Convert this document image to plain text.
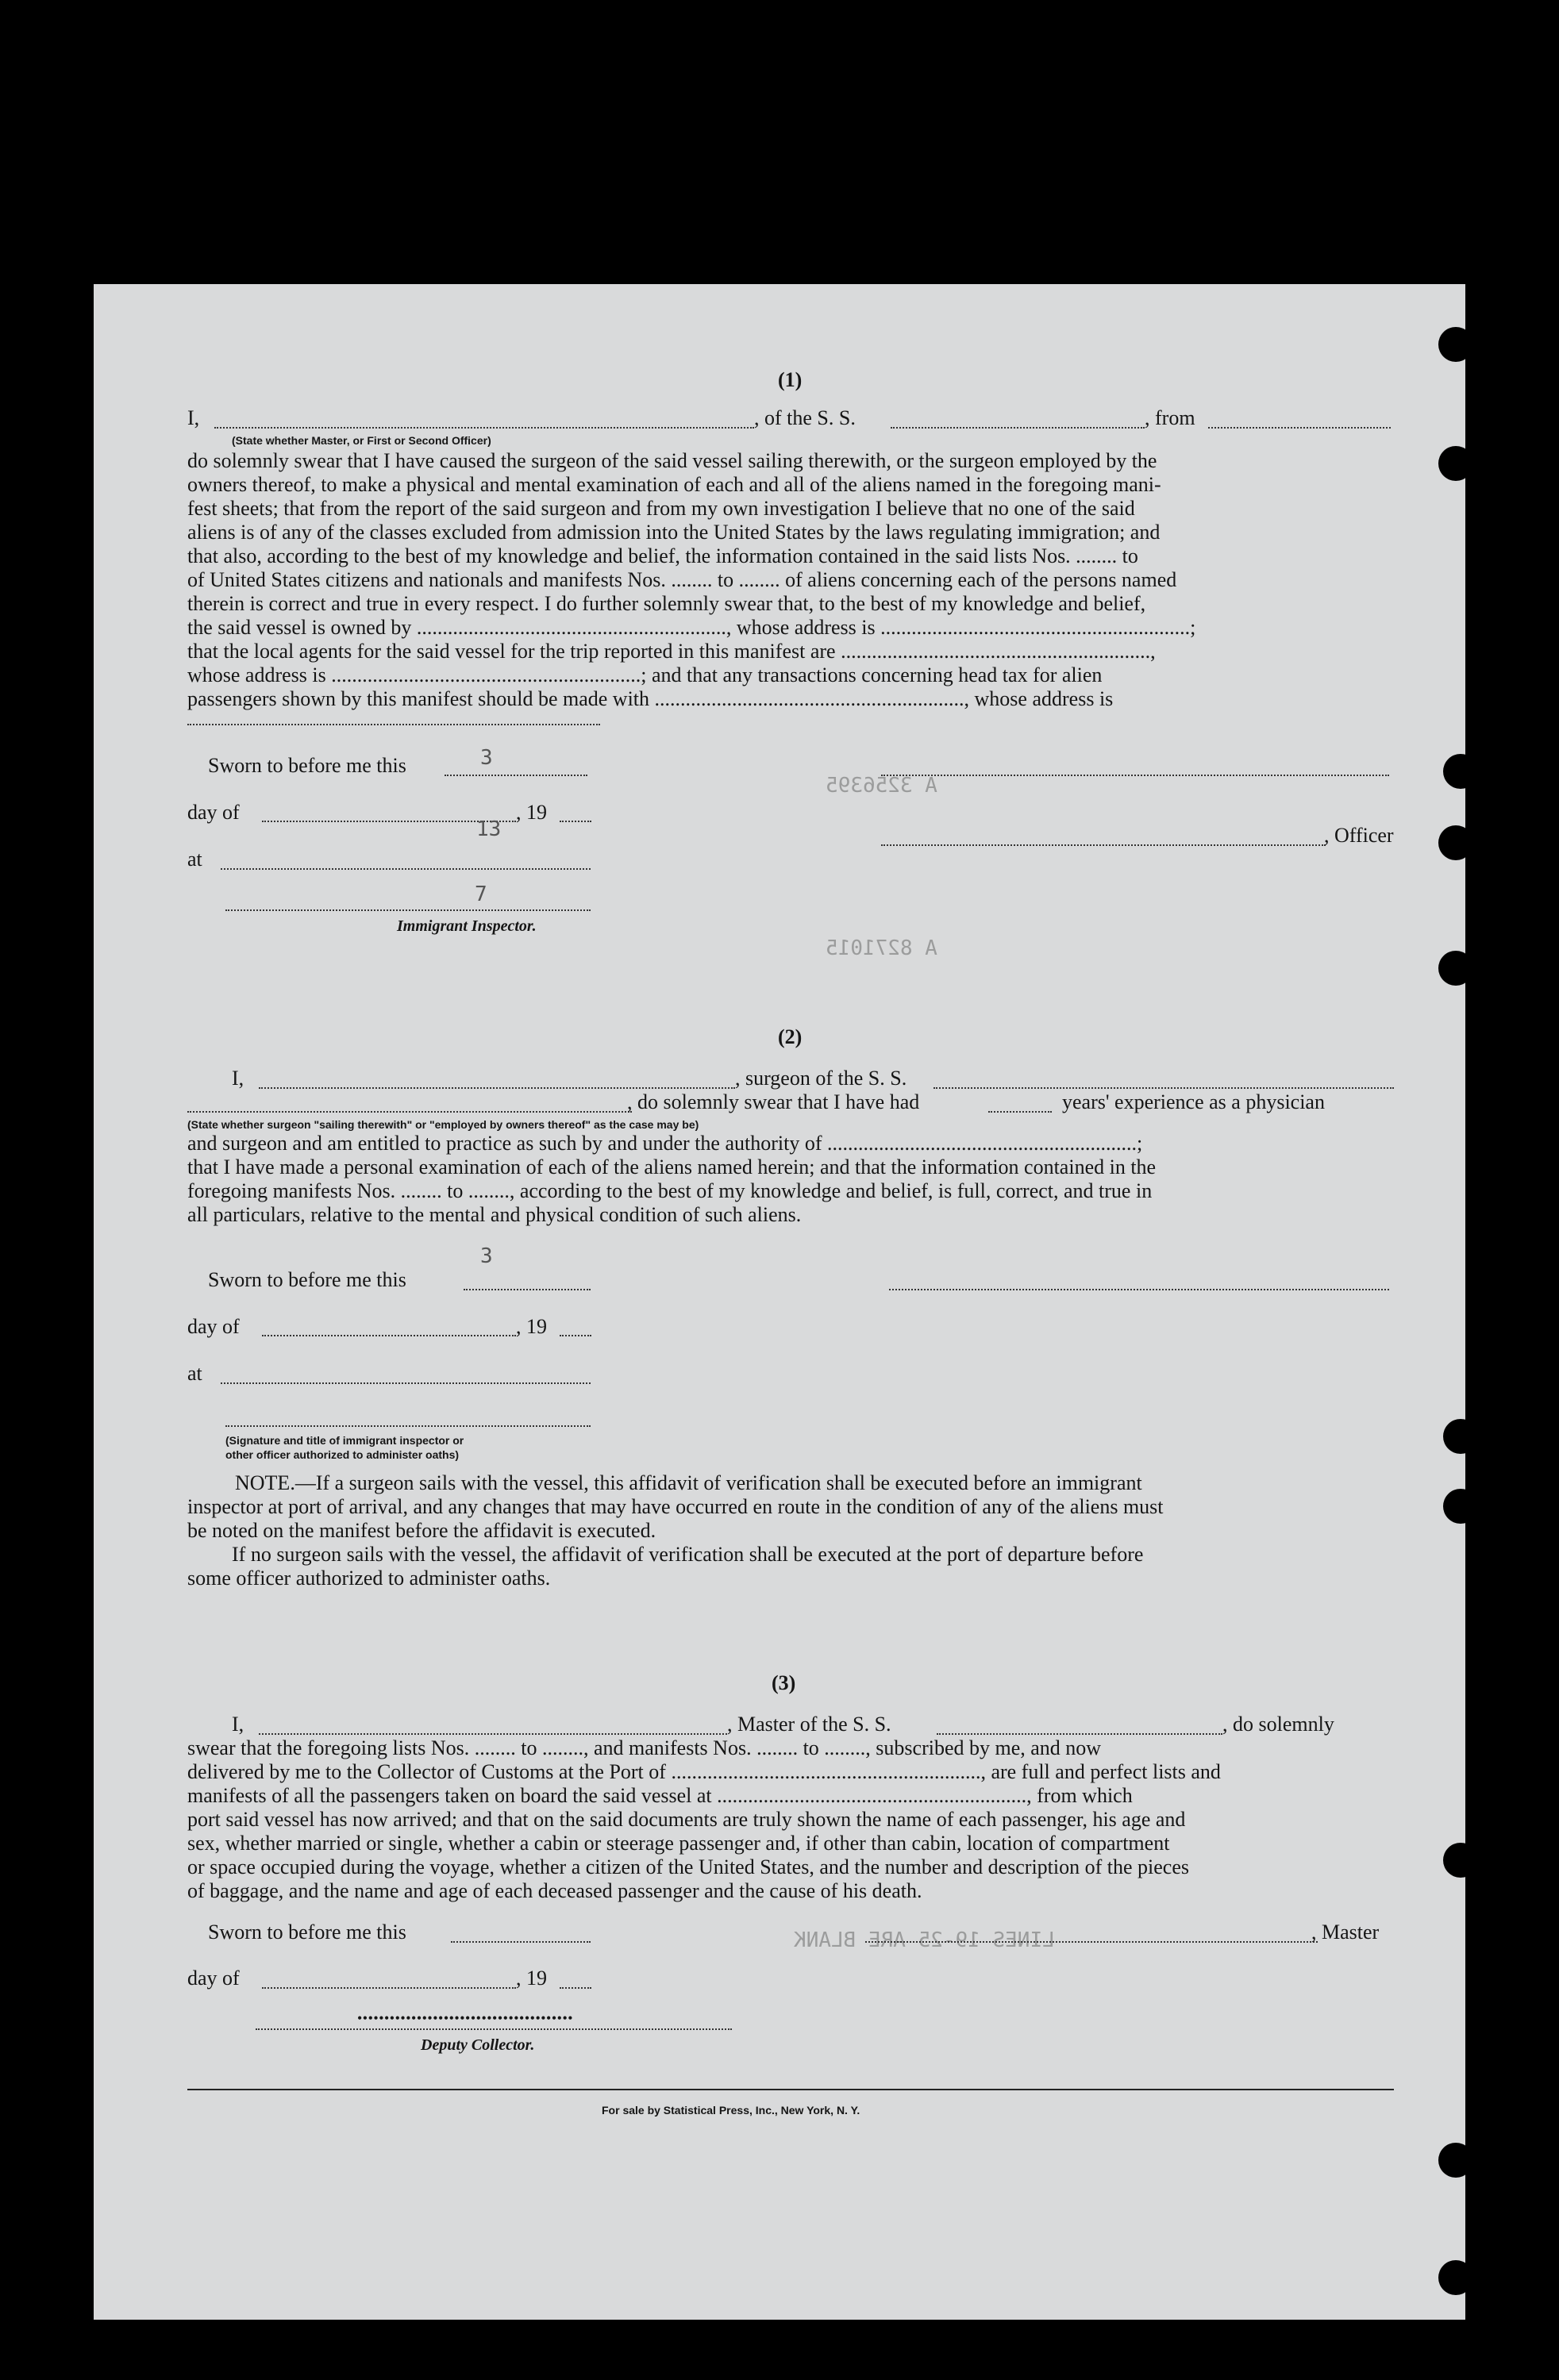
(1)
I,	, of the S. S.	, from
(State whether Master, or First or Second Officer)
do solemnly swear that I have caused the surgeon of the said vessel sailing therewith, or the surgeon employed by the
owners thereof, to make a physical and mental examination of each and all of the aliens named in the foregoing mani-
fest sheets; that from the report of the said surgeon and from my own investigation I believe that no one of the said
aliens is of any of the classes excluded from admission into the United States by the laws regulating immigration; and
that also, according to the best of my knowledge and belief, the information contained in the said lists Nos. ........ to
of United States citizens and nationals and manifests Nos. ........ to ........ of aliens concerning each of the persons named
therein is correct and true in every respect. I do further solemnly swear that, to the best of my knowledge and belief,
the said vessel is owned by ............................................................, whose address is ............................................................;
that the local agents for the said vessel for the trip reported in this manifest are ............................................................,
whose address is ............................................................; and that any transactions concerning head tax for alien
passengers shown by this manifest should be made with ............................................................, whose address is
Sworn to before me this	3
day of	, 19
, Officer
13
at
7
Immigrant Inspector.
(2)
I,	, surgeon of the S. S.
, do solemnly swear that I have had	years' experience as a physician
(State whether surgeon "sailing therewith" or "employed by owners thereof" as the case may be)
and surgeon and am entitled to practice as such by and under the authority of ............................................................;
that I have made a personal examination of each of the aliens named herein; and that the information contained in the
foregoing manifests Nos. ........ to ........, according to the best of my knowledge and belief, is full, correct, and true in
all particulars, relative to the mental and physical condition of such aliens.
3
Sworn to before me this
day of	, 19
at
(Signature and title of immigrant inspector or
other officer authorized to administer oaths)
NOTE.—If a surgeon sails with the vessel, this affidavit of verification shall be executed before an immigrant
inspector at port of arrival, and any changes that may have occurred en route in the condition of any of the aliens must
be noted on the manifest before the affidavit is executed.
If no surgeon sails with the vessel, the affidavit of verification shall be executed at the port of departure before
some officer authorized to administer oaths.
(3)
I,	, Master of the S. S.	, do solemnly
swear that the foregoing lists Nos. ........ to ........, and manifests Nos. ........ to ........, subscribed by me, and now
delivered by me to the Collector of Customs at the Port of ............................................................, are full and perfect lists and
manifests of all the passengers taken on board the said vessel at ............................................................, from which
port said vessel has now arrived; and that on the said documents are truly shown the name of each passenger, his age and
sex, whether married or single, whether a cabin or steerage passenger and, if other than cabin, location of compartment
or space occupied during the voyage, whether a citizen of the United States, and the number and description of the pieces
of baggage, and the name and age of each deceased passenger and the cause of his death.
Sworn to before me this	, Master
day of	, 19
• • • • • • • • • • • • • • • • • • • • • • • • • • • • • • • • • • • • • • • •
Deputy Collector.
For sale by Statistical Press, Inc., New York, N. Y.
A 3256395
A 8271015
LINES 19-25 ARE BLANK
